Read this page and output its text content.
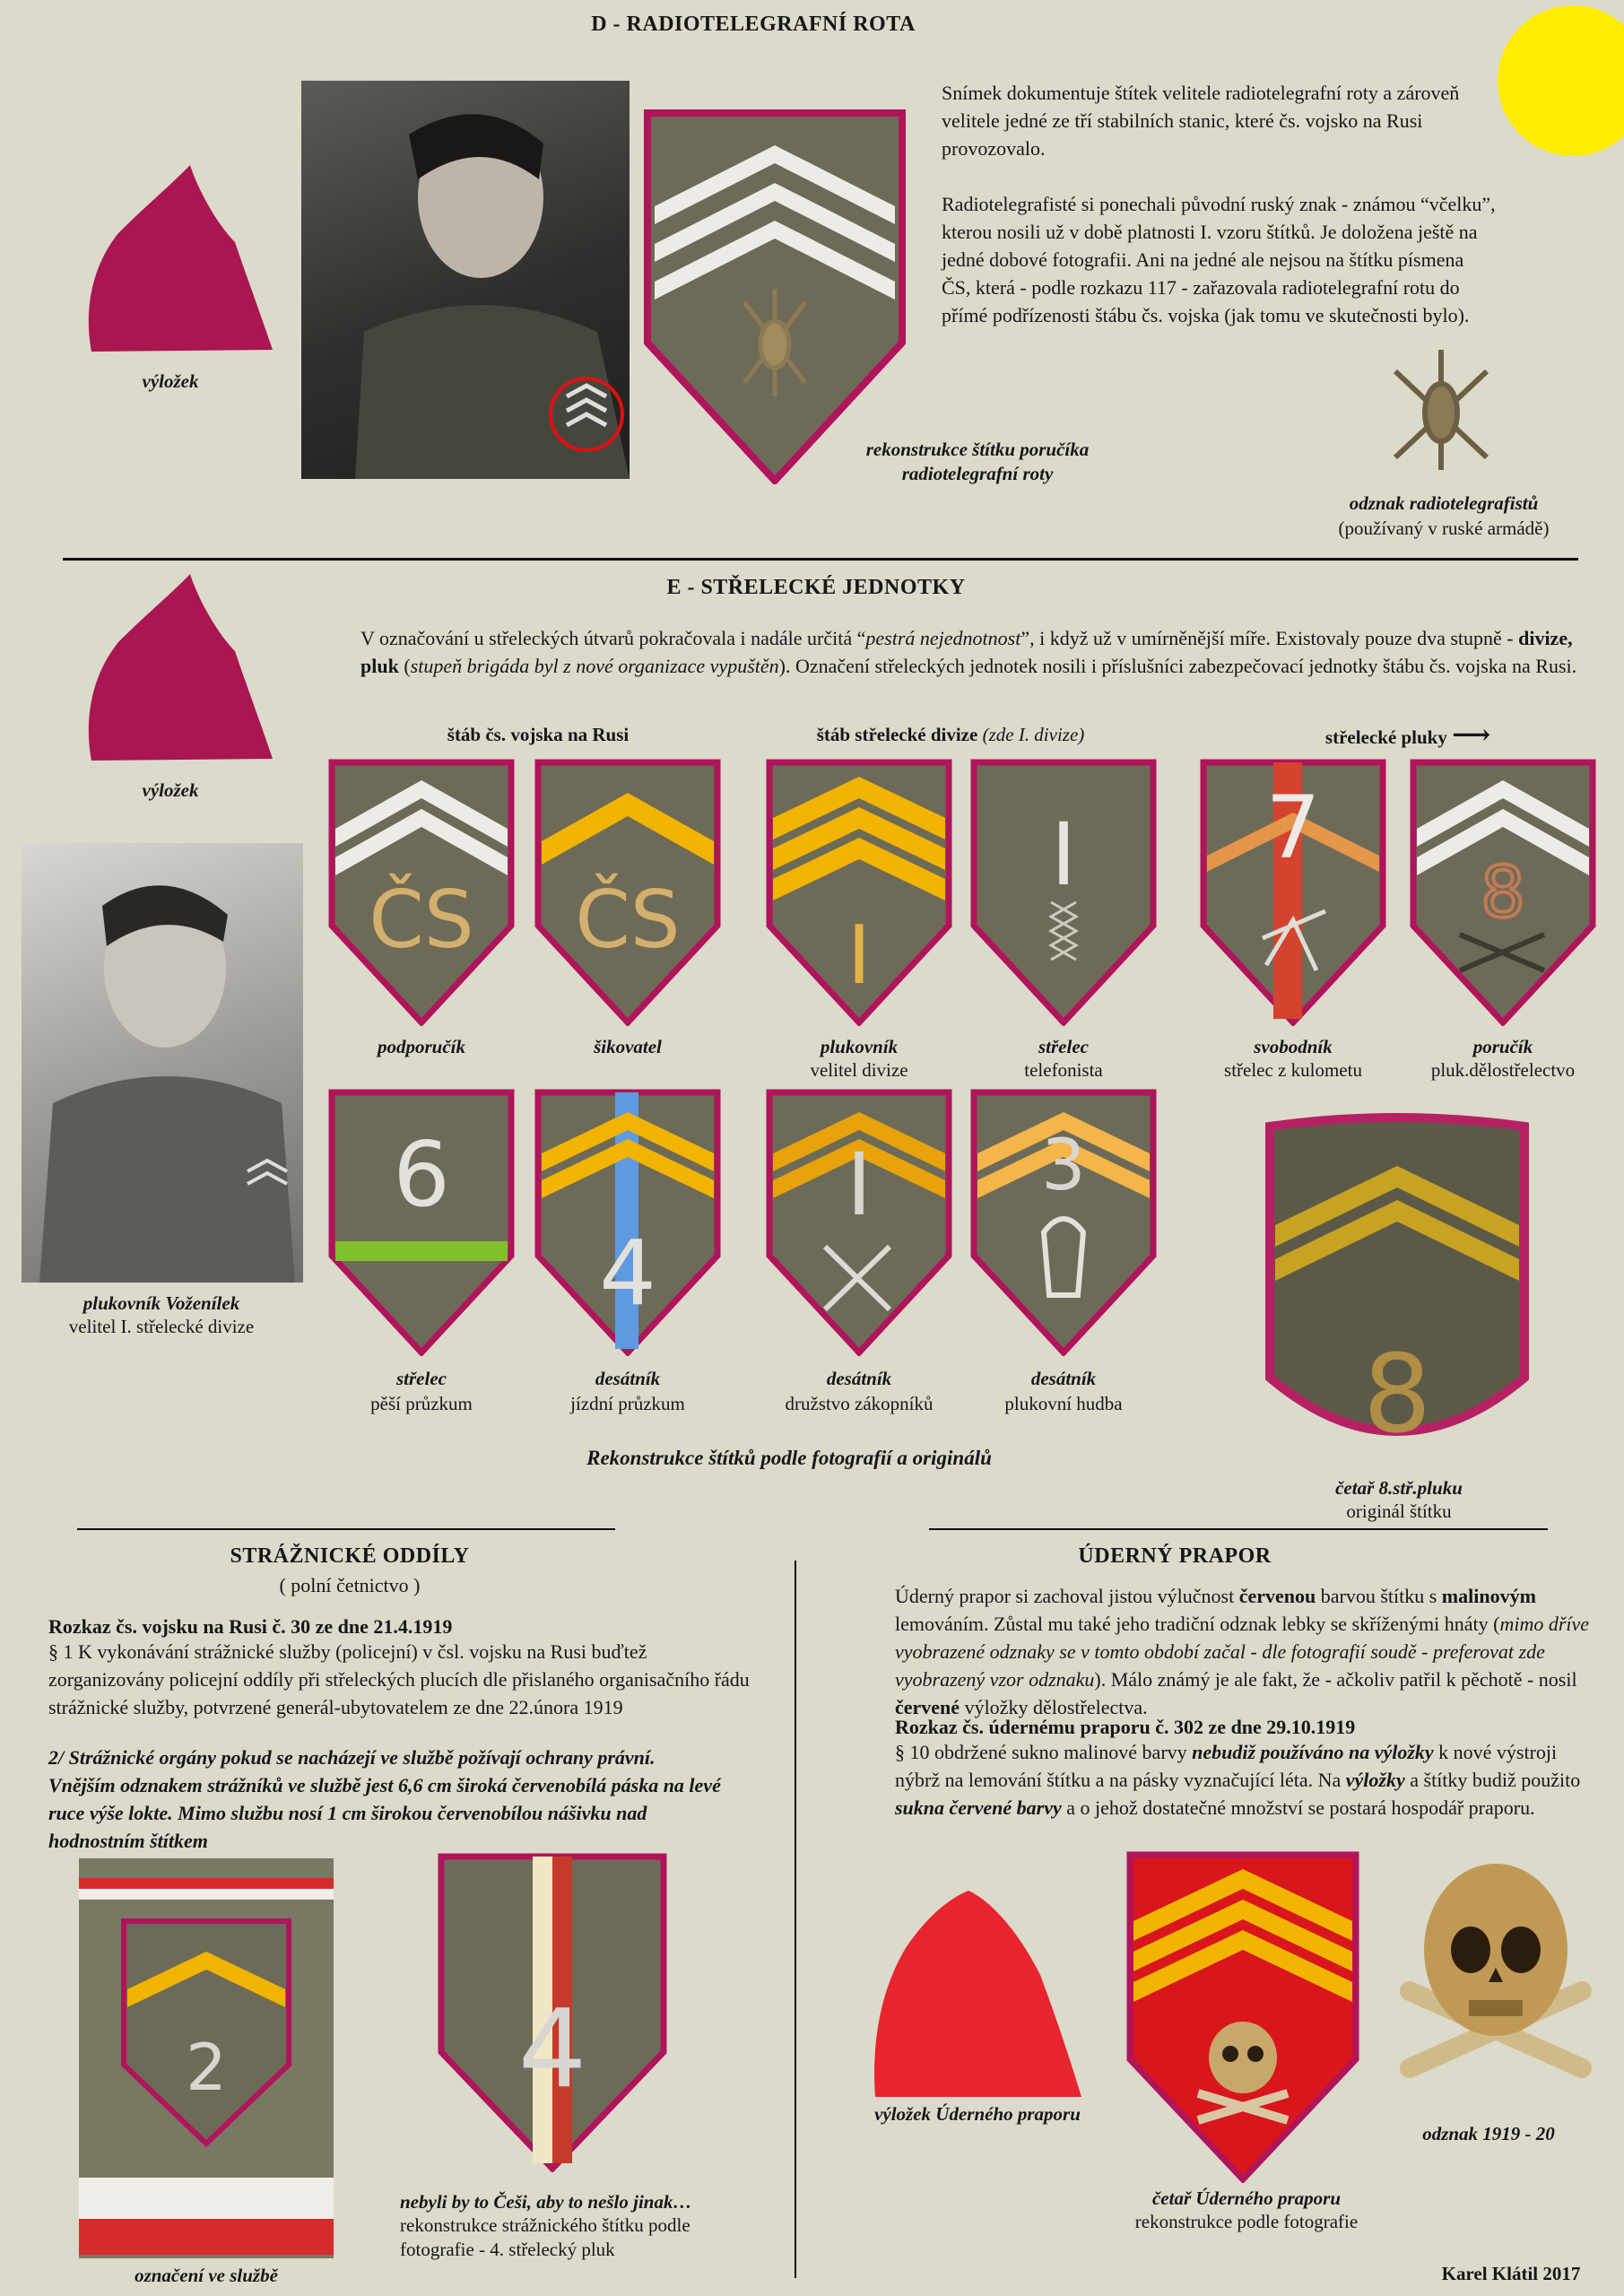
D - RADIOTELEGRAFNÍ ROTA
výložek
rekonstrukce štítku poručíka radiotelegrafní roty
Snímek dokumentuje štítek velitele radiotelegrafní roty a zároveň velitele jedné ze tří stabilních stanic, které čs. vojsko na Rusi provozovalo.
Radiotelegrafisté si ponechali původní ruský znak - známou “včelku”, kterou nosili už v době platnosti I. vzoru štítků. Je doložena ještě na jedné dobové fotografii. Ani na jedné ale nejsou na štítku písmena ČS, která - podle rozkazu 117 - zařazovala radiotelegrafní rotu do přímé podřízenosti štábu čs. vojska (jak tomu ve skutečnosti bylo).
odznak radiotelegrafistů
(používaný v ruské armádě)
E - STŘELECKÉ JEDNOTKY
výložek
V označování u střeleckých útvarů pokračovala i nadále určitá “pestrá nejednotnost”, i když už v umírněnější míře. Existovaly pouze dva stupně - divize, pluk (stupeň brigáda byl z nové organizace vypuštěn). Označení střeleckých jednotek nosili i příslušníci zabezpečovací jednotky štábu čs. vojska na Rusi.
štáb čs. vojska na Rusi	štáb střelecké divize (zde I. divize)	střelecké pluky ⟶
plukovník Voženílek
velitel I. střelecké divize
ČS ČS I
I 7
8
podporučík	šikovatel	plukovník
velitel divize
střelec
telefonista
svobodník
střelec z kulometu
poručík
pluk.dělostřelectvo
6
4
I 3
střelec
pěší průzkum
desátník
jízdní průzkum
desátník
družstvo zákopníků
desátník
plukovní hudba	8
četař 8.stř.pluku
originál štítku
Rekonstrukce štítků podle fotografií a originálů
STRÁŽNICKÉ ODDÍLY
( polní četnictvo )
Rozkaz čs. vojsku na Rusi č. 30 ze dne 21.4.1919
§ 1 K vykonávání strážnické služby (policejní) v čsl. vojsku na Rusi buďtež zorganizovány policejní oddíly při střeleckých plucích dle přislaného organisačního řádu strážnické služby, potvrzené generál-ubytovatelem ze dne 22.února 1919
2/ Strážnické orgány pokud se nacházejí ve službě požívají ochrany právní. Vnějším odznakem strážníků ve službě jest 6,6 cm široká červenobílá páska na levé ruce výše lokte. Mimo službu nosí 1 cm širokou červenobílou nášivku nad hodnostním štítkem
2
označení ve službě
4
nebyli by to Češi, aby to nešlo jinak…
rekonstrukce strážnického štítku podle fotografie - 4. střelecký pluk
ÚDERNÝ PRAPOR
Úderný prapor si zachoval jistou výlučnost červenou barvou štítku s malinovým lemováním. Zůstal mu také jeho tradiční odznak lebky se skříženými hnáty (mimo dříve vyobrazené odznaky se v tomto období začal - dle fotografií soudě - preferovat zde vyobrazený vzor odznaku). Málo známý je ale fakt, že - ačkoliv patřil k pěchotě - nosil červené výložky dělostřelectva.
Rozkaz čs. údernému praporu č. 302 ze dne 29.10.1919
§ 10 obdržené sukno malinové barvy nebudiž používáno na výložky k nové výstroji nýbrž na lemování štítku a na pásky vyznačující léta. Na výložky a štítky budiž použito sukna červené barvy a o jehož dostatečné množství se postará hospodář praporu.
výložek Úderného praporu
četař Úderného praporu
rekonstrukce podle fotografie
odznak 1919 - 20
Karel Klátil 2017
